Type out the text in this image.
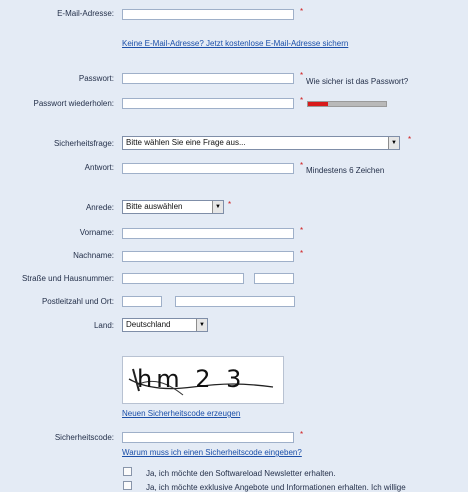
E-Mail-Adresse:	*
Keine E-Mail-Adresse? Jetzt kostenlose E-Mail-Adresse sichern
Passwort:	*
Wie sicher ist das Passwort?
Passwort wiederholen:	*
Sicherheitsfrage:	Bitte wählen Sie eine Frage aus...	▼ *
Antwort:	*
Mindestens 6 Zeichen
Anrede:	Bitte auswählen	▼ *
Vorname:	*
Nachname:	*
Straße und Hausnummer:
Postleitzahl und Ort:
Land:	Deutschland	▼
hm 2 3
Neuen Sicherheitscode erzeugen
Sicherheitscode:	*
Warum muss ich einen Sicherheitscode eingeben?
Ja, ich möchte den Softwareload Newsletter erhalten.
Ja, ich möchte exklusive Angebote und Informationen erhalten. Ich willige
